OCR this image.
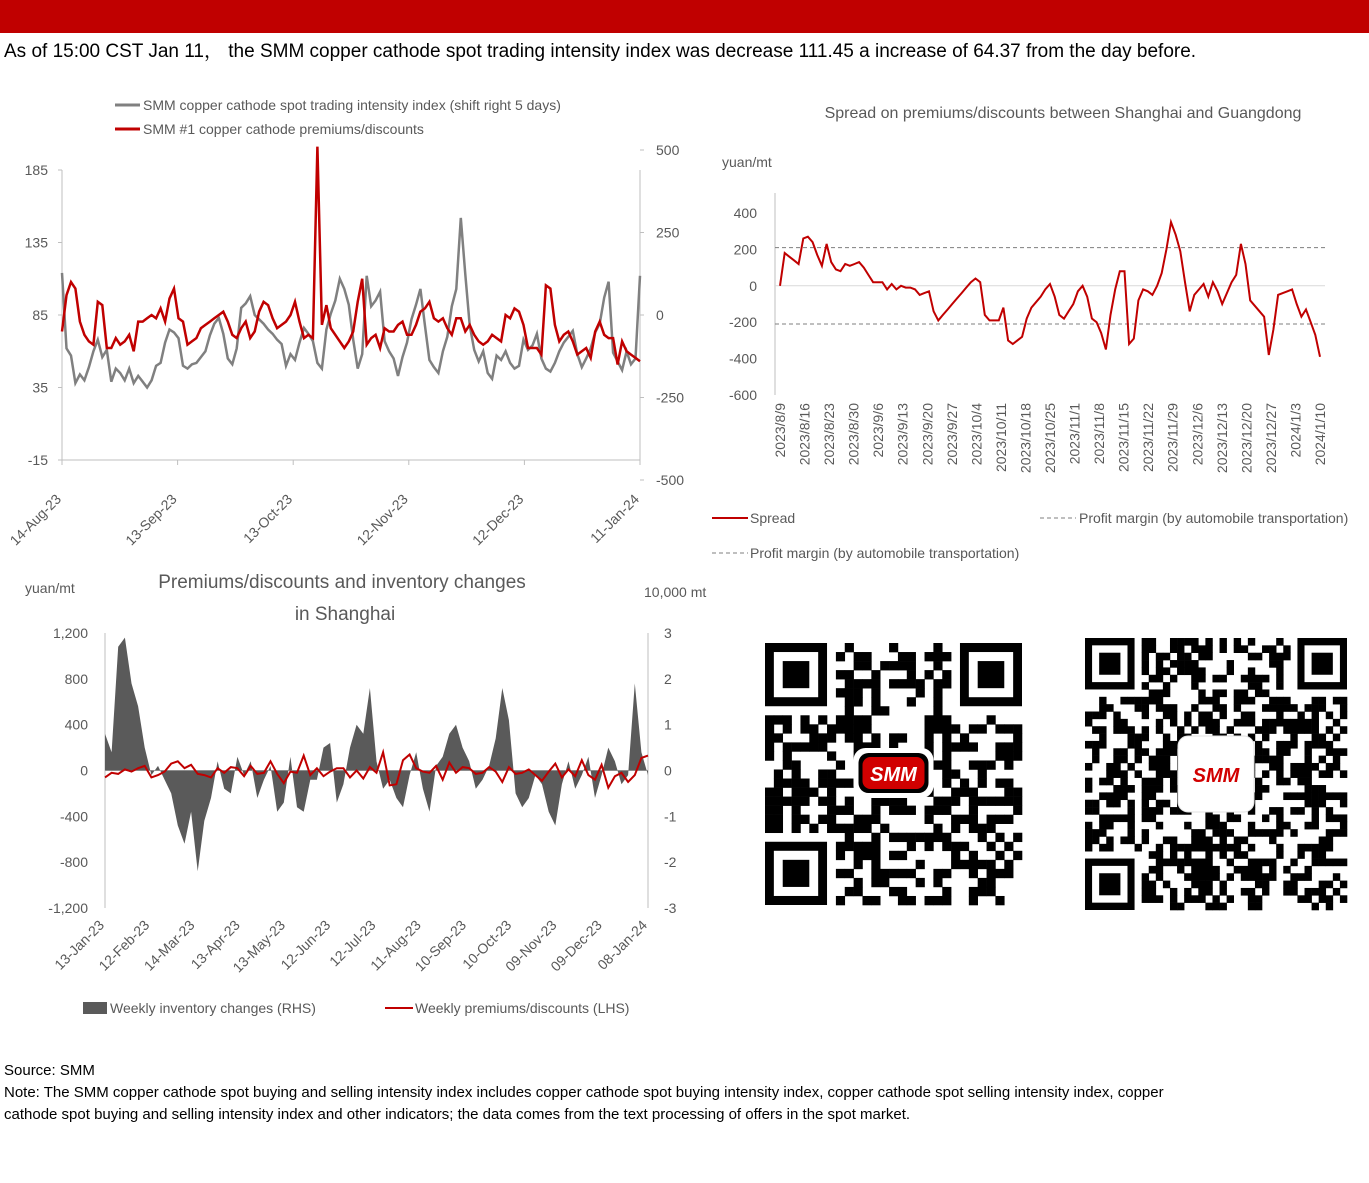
As of 15:00 CST Jan 11， the SMM copper cathode spot trading intensity index was decrease 111.45 a increase of 64.37 from the day before.
SMM copper cathode spot trading intensity index (shift right 5 days)
SMM #1 copper cathode premiums/discounts
185
135
85
35
-15
500
250
0
-250
-500
14-Aug-23	13-Sep-23	13-Oct-23	12-Nov-23	12-Dec-23	11-Jan-24
Spread on premiums/discounts between Shanghai and Guangdong
yuan/mt
400
200
0
-200
-400
-600
2023/8/9 2023/8/16 2023/8/23 2023/8/30 2023/9/6 2023/9/13 2023/9/20 2023/9/27 2023/10/4 2023/10/11 2023/10/18 2023/10/25 2023/11/1 2023/11/8 2023/11/15 2023/11/22 2023/11/29 2023/12/6 2023/12/13 2023/12/20 2023/12/27 2024/1/3 2024/1/10
Spread	Profit margin (by automobile transportation)
Profit margin (by automobile transportation)
Premiums/discounts and inventory changes
in Shanghai
yuan/mt	10,000 mt
1,200
800
400
0
-400
-800
-1,200
3
2
1
0
-1
-2
-3
13-Jan-23
12-Feb-23
14-Mar-23
13-Apr-23
13-May-23
12-Jun-23
12-Jul-23
11-Aug-23
10-Sep-23
10-Oct-23
09-Nov-23
09-Dec-23
08-Jan-24
Weekly inventory changes (RHS)	Weekly premiums/discounts (LHS)
SMM	SMM
Source: SMM
Note: The SMM copper cathode spot buying and selling intensity index includes copper cathode spot buying intensity index, copper cathode spot selling intensity index, copper cathode spot buying and selling intensity index and other indicators; the data comes from the text processing of offers in the spot market.
